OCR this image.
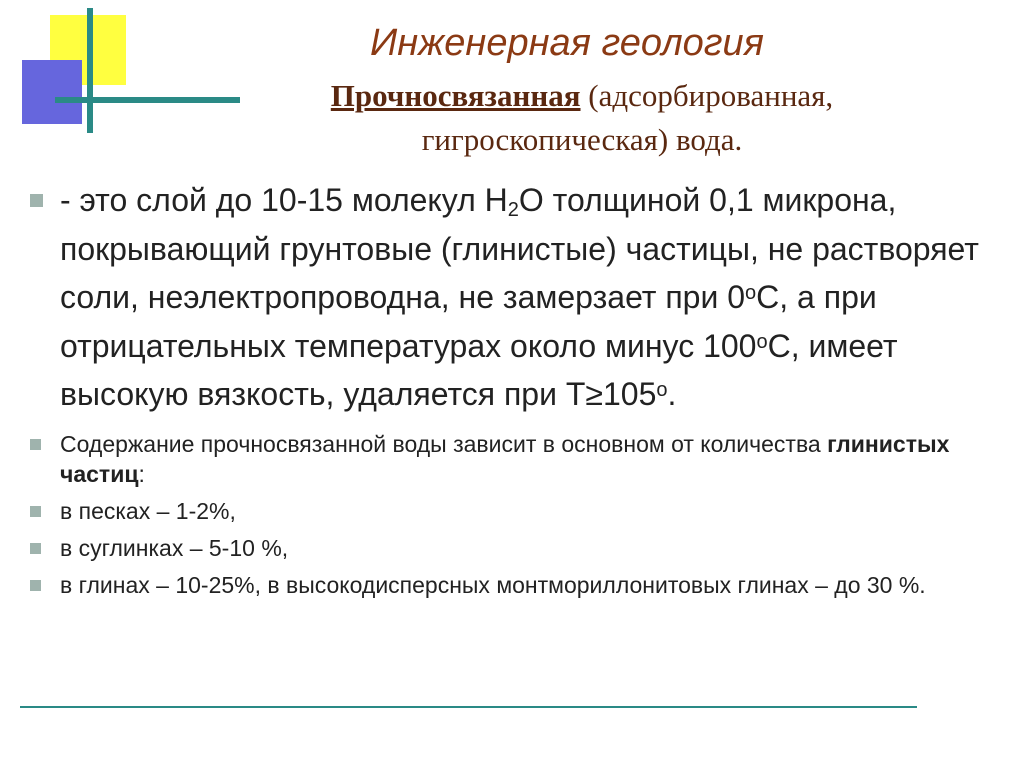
Инженерная геология
Прочносвязанная (адсорбированная,
гигроскопическая) вода.
- это слой до 10-15 молекул $Н_2О$ толщиной 0,1 микрона, покрывающий грунтовые (глинистые) частицы, не растворяет соли, неэлектропроводна, не замерзает при $0^оС$, а при отрицательных температурах около минус $100^оС$, имеет высокую вязкость, удаляется при $Т\ge 105^о$.
Содержание прочносвязанной воды зависит в основном от количества глинистых частиц:
в песках – 1-2%,
в суглинках – 5-10 %,
в глинах – 10-25%, в высокодисперсных монтмориллонитовых глинах – до 30 %.
